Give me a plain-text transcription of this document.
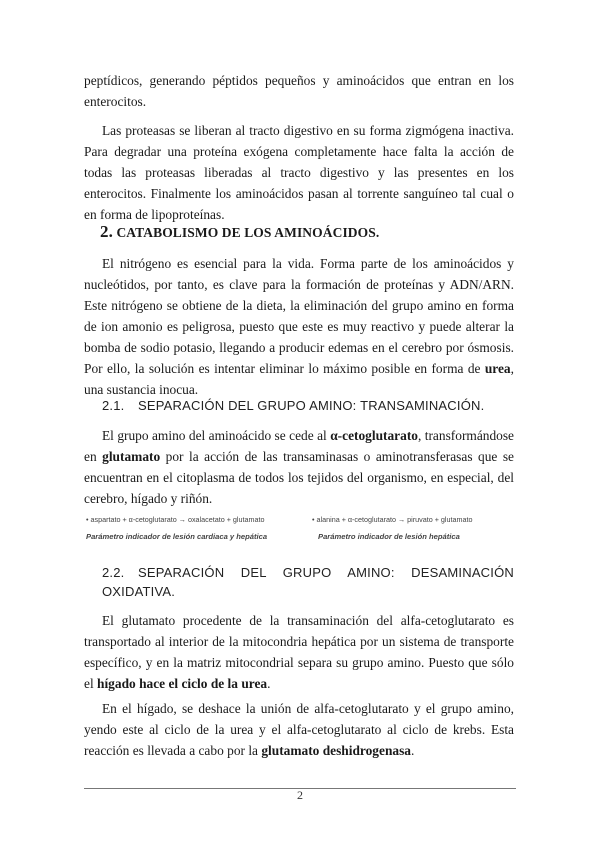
peptídicos, generando péptidos pequeños y aminoácidos que entran en los enterocitos.

Las proteasas se liberan al tracto digestivo en su forma zigmógena inactiva. Para degradar una proteína exógena completamente hace falta la acción de todas las proteasas liberadas al tracto digestivo y las presentes en los enterocitos. Finalmente los aminoácidos pasan al torrente sanguíneo tal cual o en forma de lipoproteínas.

2. CATABOLISMO DE LOS AMINOÁCIDOS.

El nitrógeno es esencial para la vida. Forma parte de los aminoácidos y nucleótidos, por tanto, es clave para la formación de proteínas y ADN/ARN. Este nitrógeno se obtiene de la dieta, la eliminación del grupo amino en forma de ion amonio es peligrosa, puesto que este es muy reactivo y puede alterar la bomba de sodio potasio, llegando a producir edemas en el cerebro por ósmosis. Por ello, la solución es intentar eliminar lo máximo posible en forma de urea, una sustancia inocua.

2.1. SEPARACIÓN DEL GRUPO AMINO: TRANSAMINACIÓN.

El grupo amino del aminoácido se cede al α-cetoglutarato, transformándose en glutamato por la acción de las transaminasas o aminotransferasas que se encuentran en el citoplasma de todos los tejidos del organismo, en especial, del cerebro, hígado y riñón.

• aspartato + α-cetoglutarato → oxalacetato + glutamato	• alanina + α-cetoglutarato → piruvato + glutamato
Parámetro indicador de lesión cardiaca y hepática	Parámetro indicador de lesión hepática
2.2. SEPARACIÓN DEL GRUPO AMINO: DESAMINACIÓN OXIDATIVA.

El glutamato procedente de la transaminación del alfa-cetoglutarato es transportado al interior de la mitocondria hepática por un sistema de transporte específico, y en la matriz mitocondrial separa su grupo amino. Puesto que sólo el hígado hace el ciclo de la urea.

En el hígado, se deshace la unión de alfa-cetoglutarato y el grupo amino, yendo este al ciclo de la urea y el alfa-cetoglutarato al ciclo de krebs. Esta reacción es llevada a cabo por la glutamato deshidrogenasa.

2
